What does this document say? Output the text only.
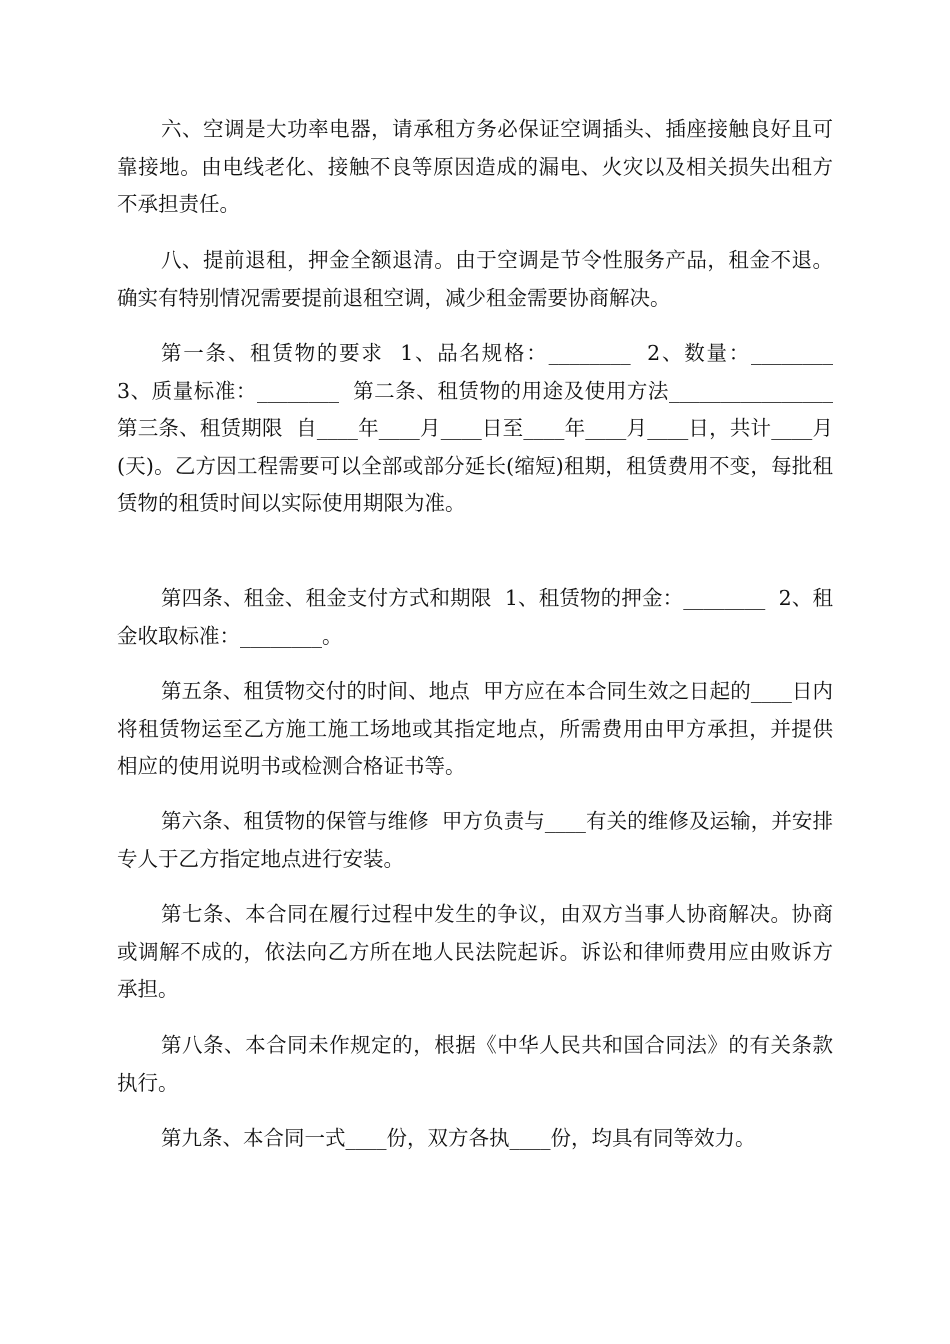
六、空调是大功率电器，请承租方务必保证空调插头、插座接触良好且可靠接地。由电线老化、接触不良等原因造成的漏电、火灾以及相关损失出租方不承担责任。

八、提前退租，押金全额退清。由于空调是节令性服务产品，租金不退。确实有特别情况需要提前退租空调，减少租金需要协商解决。

第一条、租赁物的要求  1、品名规格：________  2、数量：________  3、质量标准：________  第二条、租赁物的用途及使用方法________________  第三条、租赁期限  自____年____月____日至____年____月____日，共计____月(天)。乙方因工程需要可以全部或部分延长(缩短)租期，租赁费用不变，每批租赁物的租赁时间以实际使用期限为准。

第四条、租金、租金支付方式和期限  1、租赁物的押金：________  2、租金收取标准：________。

第五条、租赁物交付的时间、地点  甲方应在本合同生效之日起的____日内将租赁物运至乙方施工施工场地或其指定地点，所需费用由甲方承担，并提供相应的使用说明书或检测合格证书等。

第六条、租赁物的保管与维修  甲方负责与____有关的维修及运输，并安排专人于乙方指定地点进行安装。

第七条、本合同在履行过程中发生的争议，由双方当事人协商解决。协商或调解不成的，依法向乙方所在地人民法院起诉。诉讼和律师费用应由败诉方承担。

第八条、本合同未作规定的，根据《中华人民共和国合同法》的有关条款执行。

第九条、本合同一式____份，双方各执____份，均具有同等效力。
